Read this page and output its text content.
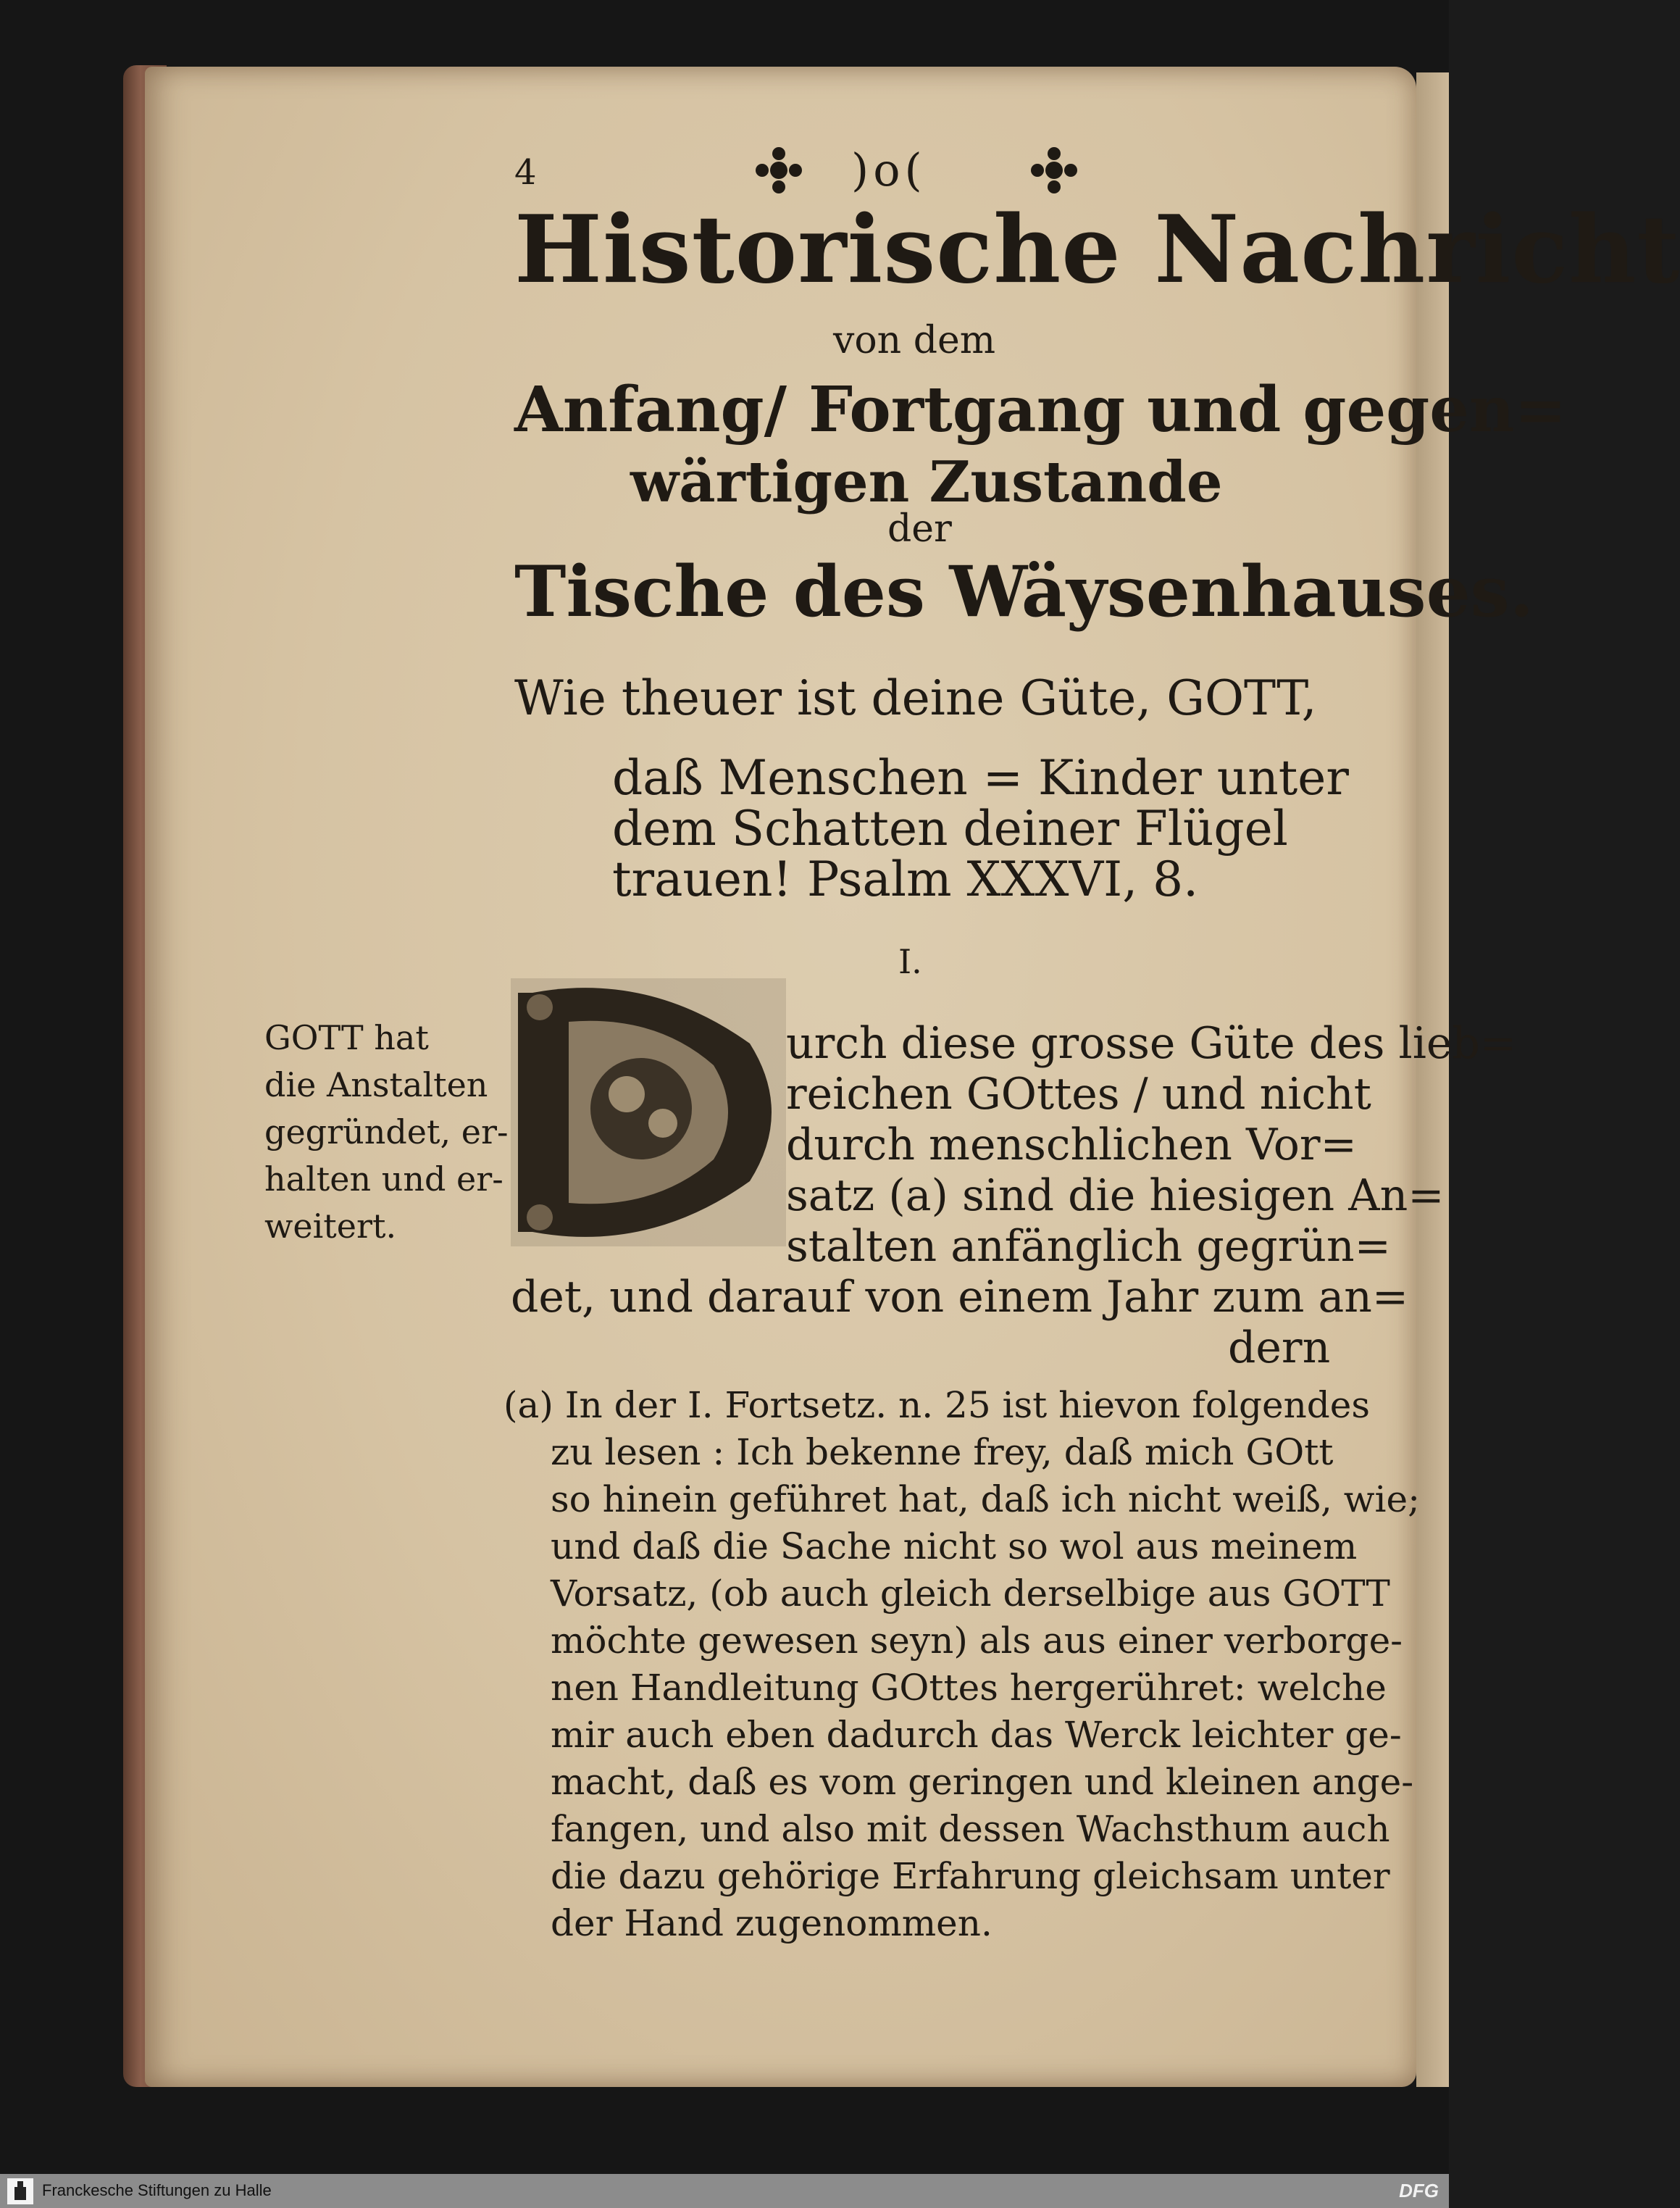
4	)o(
Historische Nachricht
von dem
Anfang/ Fortgang und gegen=
wärtigen Zustande
der
Tische des Wäysenhauses.
Wie theuer ist deine Güte, GOTT,
daß Menschen = Kinder unter
dem Schatten deiner Flügel
trauen! Psalm XXXVI, 8.
I.
GOTT hat
die Anstalten
gegründet, er-
halten und er-
weitert.
urch diese grosse Güte des lieb=
reichen GOttes / und nicht
durch menschlichen Vor=
satz (a) sind die hiesigen An=
stalten anfänglich gegrün=
det, und darauf von einem Jahr zum an=
dern
(a) In der I. Fortsetz. n. 25 ist hievon folgendes
zu lesen : Ich bekenne frey, daß mich GOtt
so hinein geführet hat, daß ich nicht weiß, wie;
und daß die Sache nicht so wol aus meinem
Vorsatz, (ob auch gleich derselbige aus GOTT
möchte gewesen seyn) als aus einer verborge-
nen Handleitung GOttes hergerühret: welche
mir auch eben dadurch das Werck leichter ge-
macht, daß es vom geringen und kleinen ange-
fangen, und also mit dessen Wachsthum auch
die dazu gehörige Erfahrung gleichsam unter
der Hand zugenommen.
Franckesche Stiftungen zu Halle	DFG
